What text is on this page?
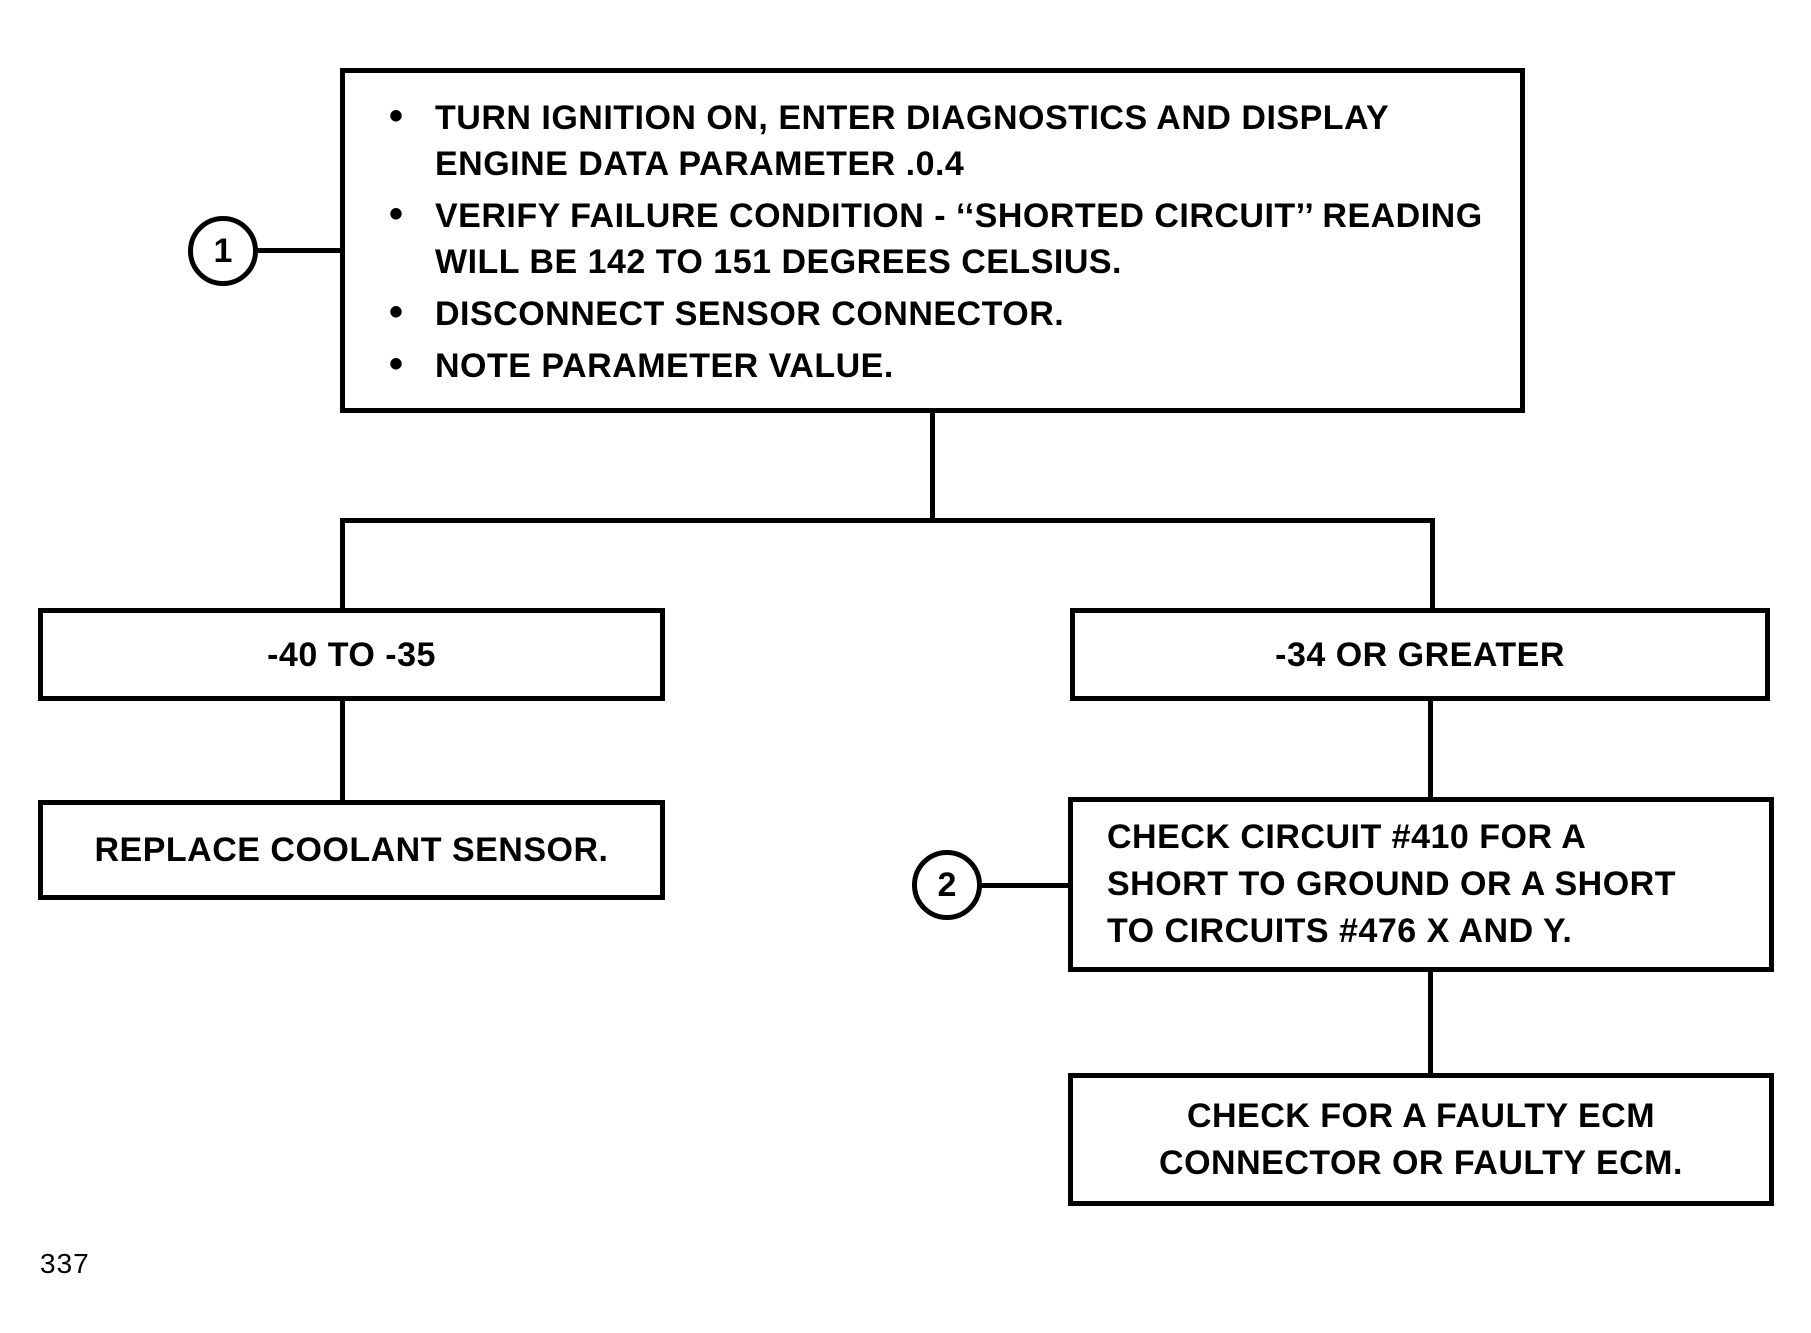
1
• TURN IGNITION ON, ENTER DIAGNOSTICS AND DISPLAY ENGINE DATA PARAMETER .0.4
• VERIFY FAILURE CONDITION - ‘‘SHORTED CIRCUIT’’ READING WILL BE 142 TO 151 DEGREES CELSIUS.
• DISCONNECT SENSOR CONNECTOR.
• NOTE PARAMETER VALUE.
-40 TO -35	-34 OR GREATER
REPLACE COOLANT SENSOR.
2
CHECK CIRCUIT #410 FOR A
SHORT TO GROUND OR A SHORT
TO CIRCUITS #476 X AND Y.
CHECK FOR A FAULTY ECM
CONNECTOR OR FAULTY ECM.
337
